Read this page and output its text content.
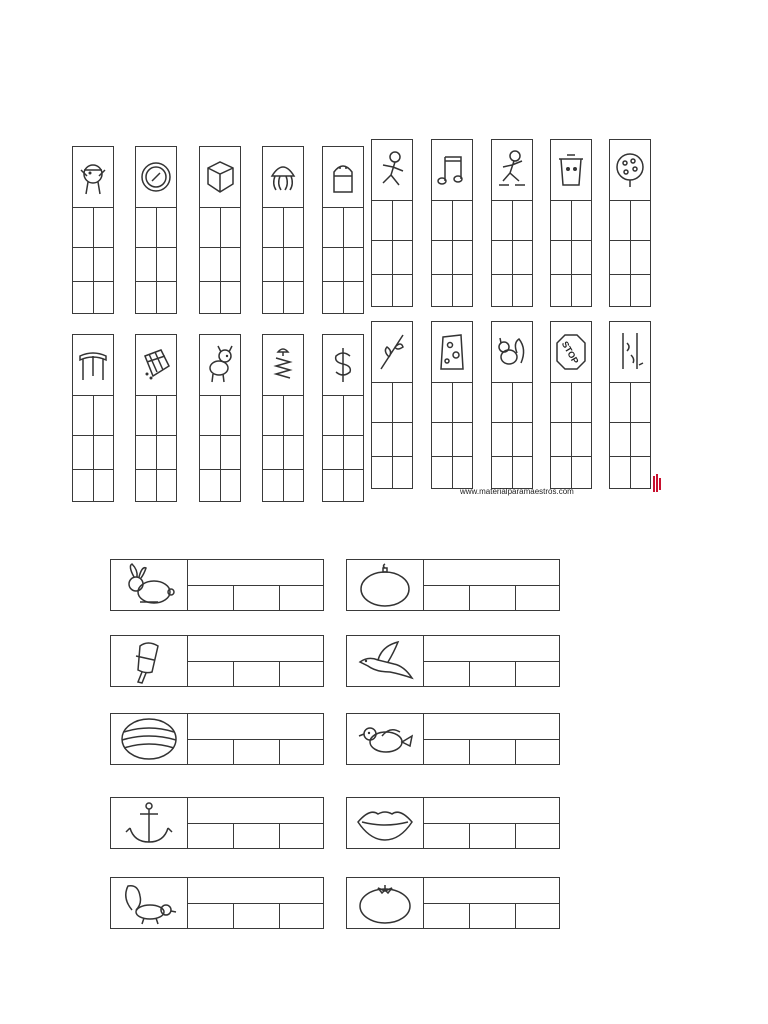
STOP
www.materialparamaestros.com
